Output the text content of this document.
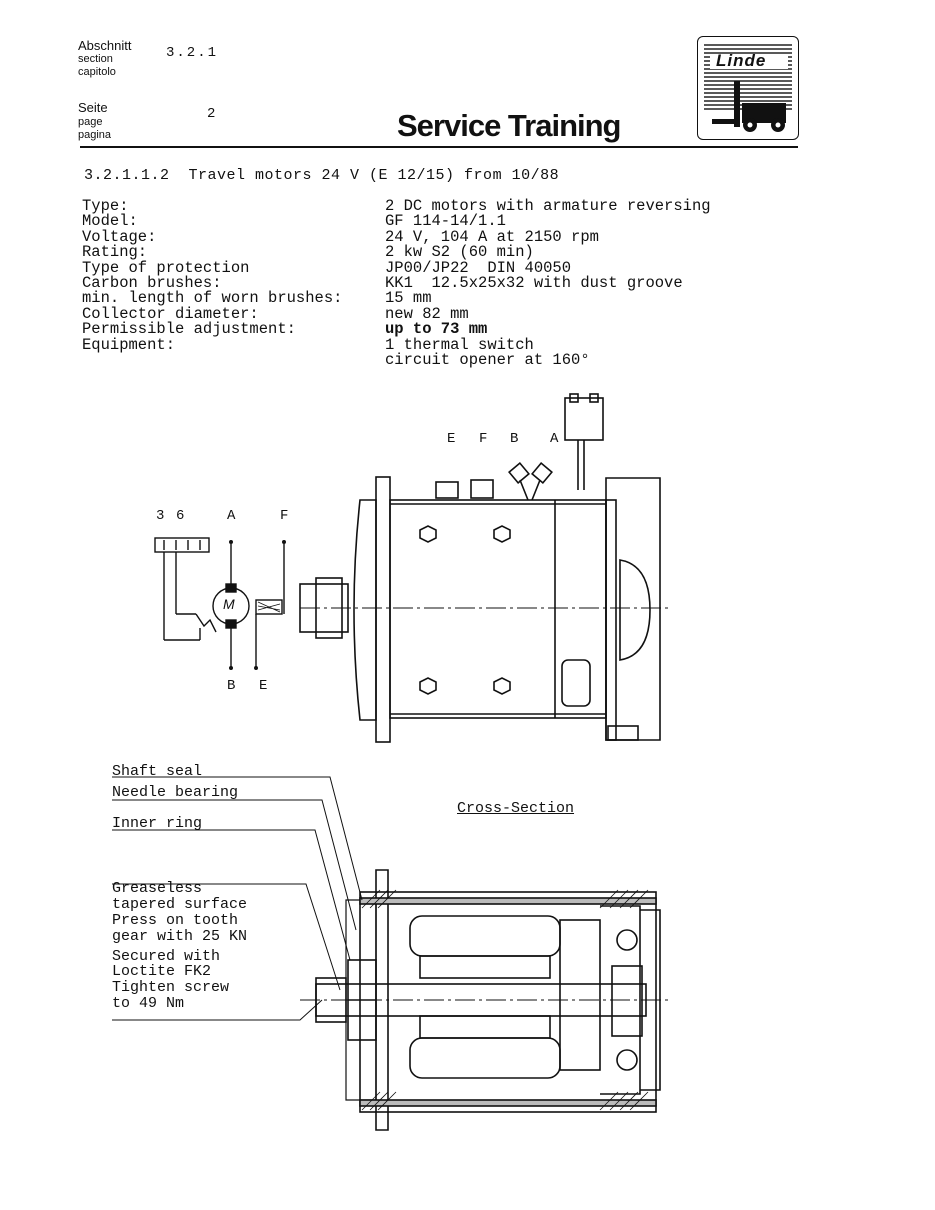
Abschnitt
section
capitolo
3.2.1
Seite
page
pagina
2	Service Training
Linde
3.2.1.1.2  Travel motors 24 V (E 12/15) from 10/88
Type:	2 DC motors with armature reversing
Model:	GF 114-14/1.1
Voltage:	24 V, 104 A at 2150 rpm
Rating:	2 kw S2 (60 min)
Type of protection	JP00/JP22  DIN 40050
Carbon brushes:	KK1  12.5x25x32 with dust groove
min. length of worn brushes:	15 mm
Collector diameter:	new 82 mm
Permissible adjustment:	up to 73 mm
Equipment:	1 thermal switch
circuit opener at 160°
E F B A
3 6	A	F
B E
M
Cross-Section
Shaft seal
Needle bearing
Inner ring
Greaseless
tapered surface
Press on tooth
gear with 25 KN
Secured with
Loctite FK2
Tighten screw
to 49 Nm
